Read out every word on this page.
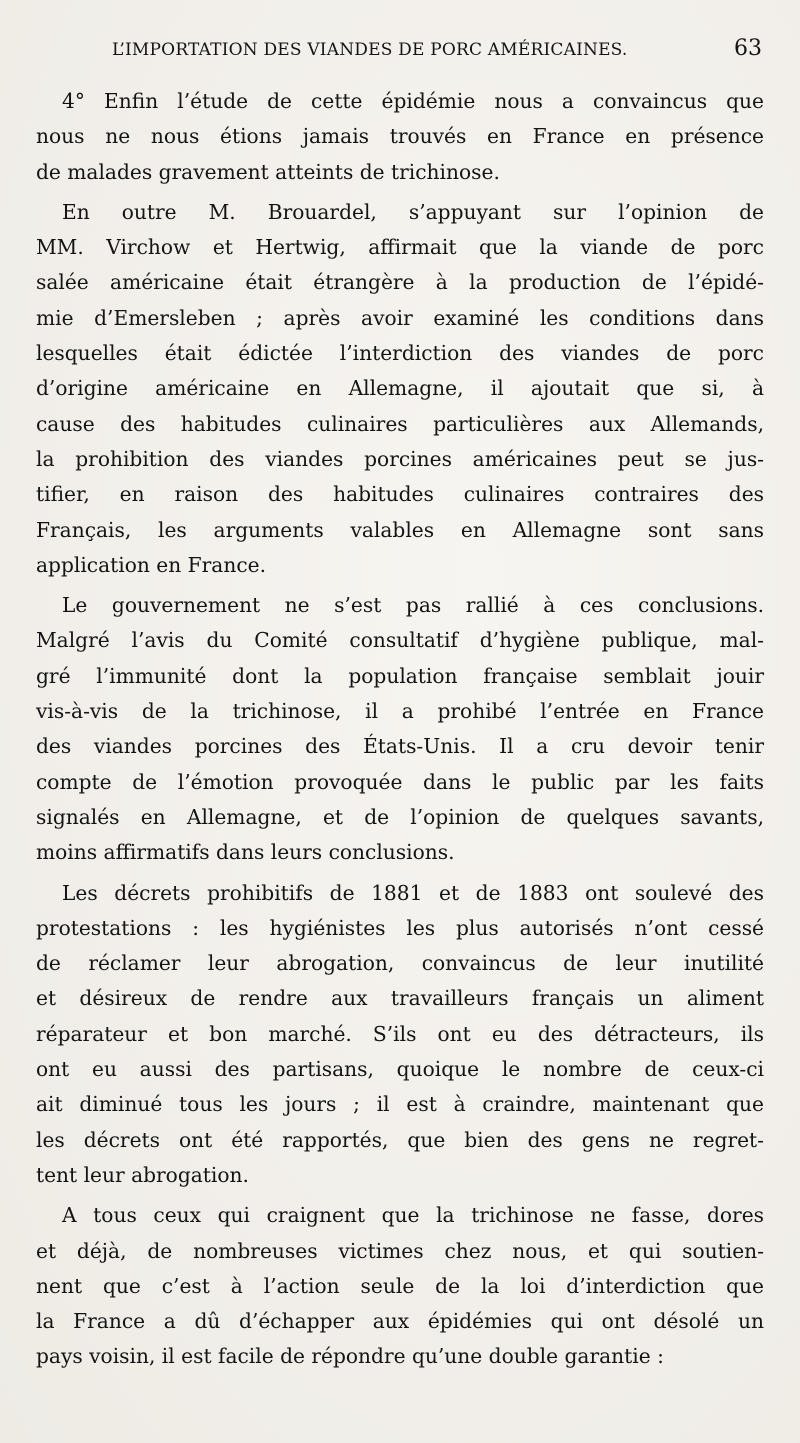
L’IMPORTATION DES VIANDES DE PORC AMÉRICAINES.	63
4° Enfin l’étude de cette épidémie nous a convaincus que
nous ne nous étions jamais trouvés en France en présence
de malades gravement atteints de trichinose.
En outre M. Brouardel, s’appuyant sur l’opinion de
MM. Virchow et Hertwig, affirmait que la viande de porc
salée américaine était étrangère à la production de l’épidé-
mie d’Emersleben ; après avoir examiné les conditions dans
lesquelles était édictée l’interdiction des viandes de porc
d’origine américaine en Allemagne, il ajoutait que si, à
cause des habitudes culinaires particulières aux Allemands,
la prohibition des viandes porcines américaines peut se jus-
tifier, en raison des habitudes culinaires contraires des
Français, les arguments valables en Allemagne sont sans
application en France.
Le gouvernement ne s’est pas rallié à ces conclusions.
Malgré l’avis du Comité consultatif d’hygiène publique, mal-
gré l’immunité dont la population française semblait jouir
vis-à-vis de la trichinose, il a prohibé l’entrée en France
des viandes porcines des États-Unis. Il a cru devoir tenir
compte de l’émotion provoquée dans le public par les faits
signalés en Allemagne, et de l’opinion de quelques savants,
moins affirmatifs dans leurs conclusions.
Les décrets prohibitifs de 1881 et de 1883 ont soulevé des
protestations : les hygiénistes les plus autorisés n’ont cessé
de réclamer leur abrogation, convaincus de leur inutilité
et désireux de rendre aux travailleurs français un aliment
réparateur et bon marché. S’ils ont eu des détracteurs, ils
ont eu aussi des partisans, quoique le nombre de ceux-ci
ait diminué tous les jours ; il est à craindre, maintenant que
les décrets ont été rapportés, que bien des gens ne regret-
tent leur abrogation.
A tous ceux qui craignent que la trichinose ne fasse, dores
et déjà, de nombreuses victimes chez nous, et qui soutien-
nent que c’est à l’action seule de la loi d’interdiction que
la France a dû d’échapper aux épidémies qui ont désolé un
pays voisin, il est facile de répondre qu’une double garantie :
